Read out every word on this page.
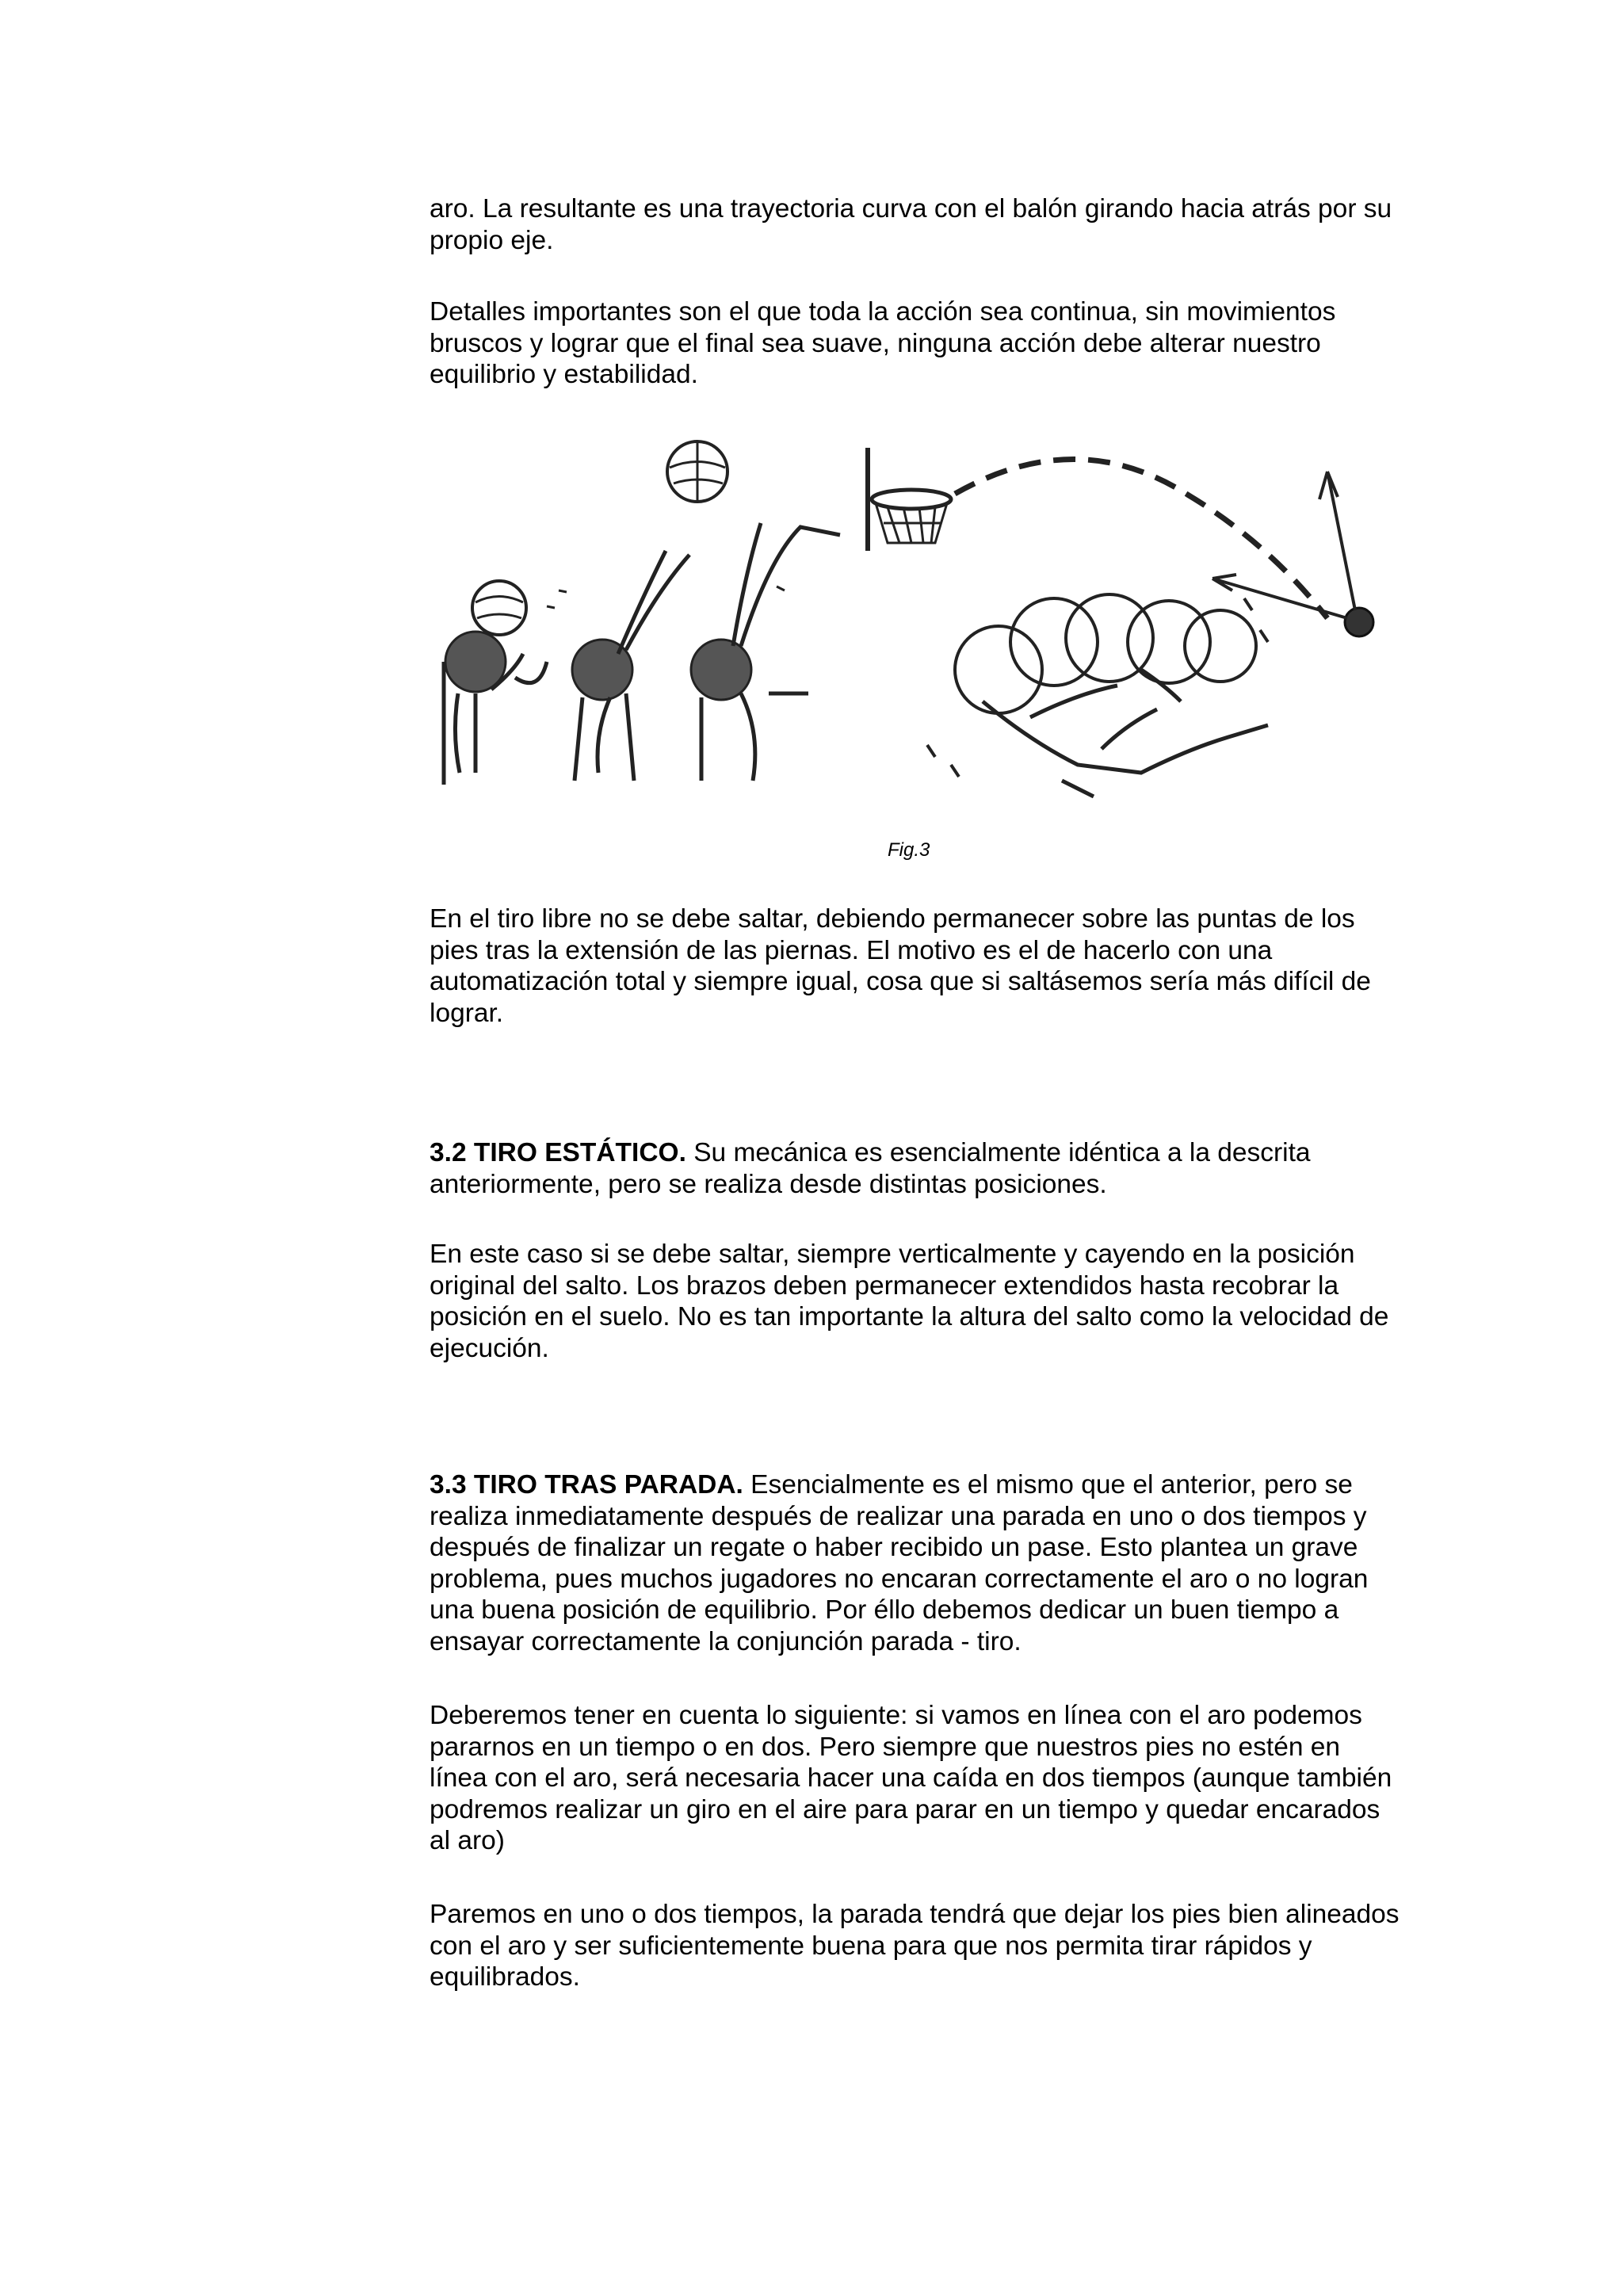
aro. La resultante es una trayectoria curva con el balón girando hacia atrás por su propio eje.

Detalles importantes son el que toda la acción sea continua, sin movimientos bruscos y lograr que el final sea suave, ninguna acción debe alterar nuestro equilibrio y estabilidad.

Fig.3

En el tiro libre no se debe saltar, debiendo permanecer sobre las puntas de los pies tras la extensión de las piernas. El motivo es el de hacerlo con una automatización total y siempre igual, cosa que si saltásemos sería más difícil de lograr.

3.2 TIRO ESTÁTICO. Su mecánica es esencialmente idéntica a la descrita anteriormente, pero se realiza desde distintas posiciones.

En este caso si se debe saltar, siempre verticalmente y cayendo en la posición original del salto. Los brazos deben permanecer extendidos hasta recobrar la posición en el suelo. No es tan importante la altura del salto como la velocidad de ejecución.

3.3 TIRO TRAS PARADA. Esencialmente es el mismo que el anterior, pero se realiza inmediatamente después de realizar una parada en uno o dos tiempos y después de finalizar un regate o haber recibido un pase. Esto plantea un grave problema, pues muchos jugadores no encaran correctamente el aro o no logran una buena posición de equilibrio. Por éllo debemos dedicar un buen tiempo a ensayar correctamente la conjunción parada - tiro.

Deberemos tener en cuenta lo siguiente: si vamos en línea con el aro podemos pararnos en un tiempo o en dos. Pero siempre que nuestros pies no estén en línea con el aro, será necesaria hacer una caída en dos tiempos (aunque también podremos realizar un giro en el aire para parar en un tiempo y quedar encarados al aro)

Paremos en uno o dos tiempos, la parada tendrá que dejar los pies bien alineados con el aro y ser suficientemente buena para que nos permita tirar rápidos y equilibrados.
